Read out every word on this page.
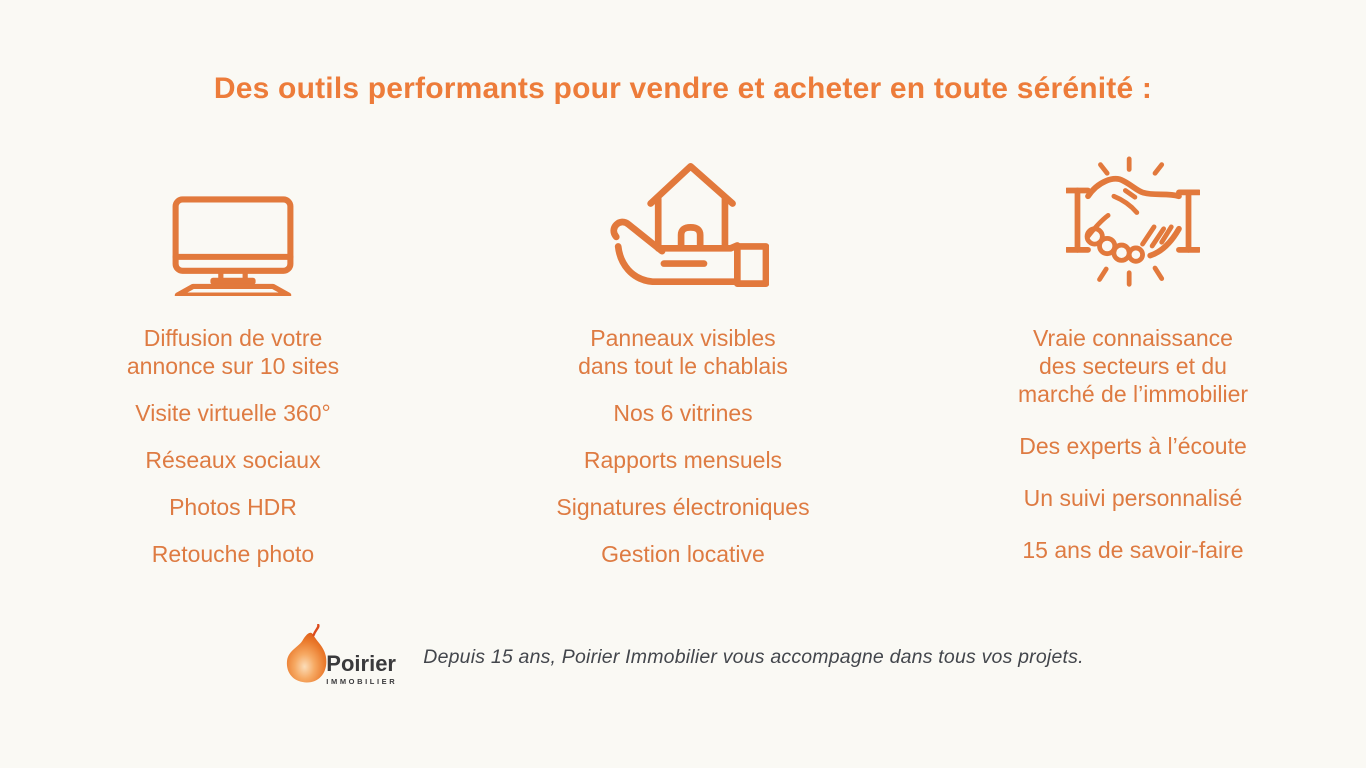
Des outils performants pour vendre et acheter en toute sérénité :
Diffusion de votre
annonce sur 10 sites
Visite virtuelle 360°
Réseaux sociaux
Photos HDR
Retouche photo
Panneaux visibles
dans tout le chablais
Nos 6 vitrines
Rapports mensuels
Signatures électroniques
Gestion locative
Vraie connaissance
des secteurs et du
marché de l’immobilier
Des experts à l’écoute
Un suivi personnalisé
15 ans de savoir-faire
Poirier
IMMOBILIER
Depuis 15 ans, Poirier Immobilier vous accompagne dans tous vos projets.
